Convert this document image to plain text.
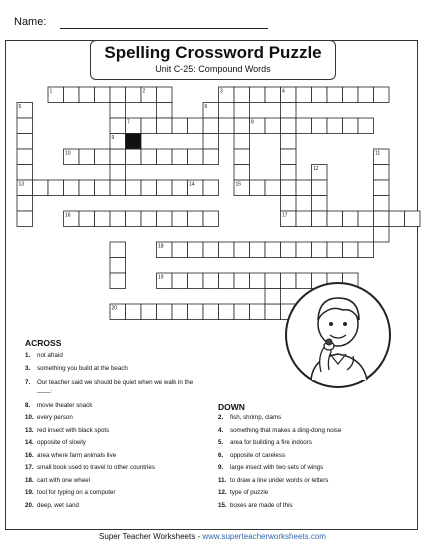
Name:
1	2	3	4
5	6
7	8
9
10	11
12
13	14	15
16	17
18
19
20
Spelling Crossword Puzzle
Unit C-25: Compound Words
ACROSS
1. not afraid
3. something you build at the beach
7. Our teacher said we should be quiet when we walk in the ____.
8. movie theater snack
10. every person
13. red insect with black spots
14. opposite of slowly
16. area where farm animals live
17. small book used to travel to other countries
18. cart with one wheel
19. tool for typing on a computer
20. deep, wet sand
DOWN
2. fish, shrimp, clams
4. something that makes a ding-dong noise
5. area for building a fire indoors
6. opposite of careless
9. large insect with two sets of wings
11. to draw a line under words or letters
12. type of puzzle
15. boxes are made of this
Super Teacher Worksheets - www.superteacherworksheets.com
